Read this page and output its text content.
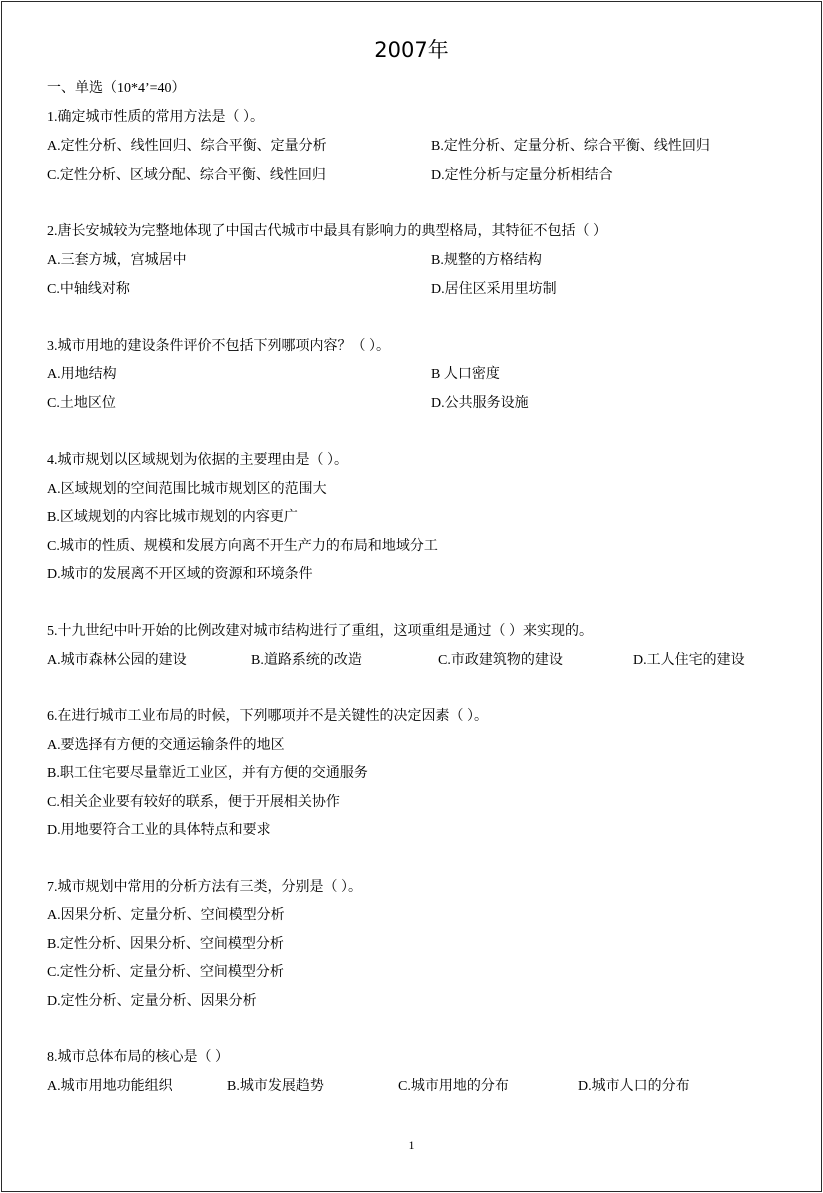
2007年
一、单选（10*4’=40）
1.确定城市性质的常用方法是（ ）。
A.定性分析、线性回归、综合平衡、定量分析	B.定性分析、定量分析、综合平衡、线性回归
C.定性分析、区域分配、综合平衡、线性回归	D.定性分析与定量分析相结合
2.唐长安城较为完整地体现了中国古代城市中最具有影响力的典型格局，其特征不包括（ ）
A.三套方城，宫城居中	B.规整的方格结构
C.中轴线对称	D.居住区采用里坊制
3.城市用地的建设条件评价不包括下列哪项内容？（ ）。
A.用地结构	B 人口密度
C.土地区位	D.公共服务设施
4.城市规划以区域规划为依据的主要理由是（ ）。
A.区域规划的空间范围比城市规划区的范围大
B.区域规划的内容比城市规划的内容更广
C.城市的性质、规模和发展方向离不开生产力的布局和地域分工
D.城市的发展离不开区域的资源和环境条件
5.十九世纪中叶开始的比例改建对城市结构进行了重组，这项重组是通过（ ）来实现的。
A.城市森林公园的建设	B.道路系统的改造	C.市政建筑物的建设	D.工人住宅的建设
6.在进行城市工业布局的时候，下列哪项并不是关键性的决定因素（ ）。
A.要选择有方便的交通运输条件的地区
B.职工住宅要尽量靠近工业区，并有方便的交通服务
C.相关企业要有较好的联系，便于开展相关协作
D.用地要符合工业的具体特点和要求
7.城市规划中常用的分析方法有三类，分别是（ ）。
A.因果分析、定量分析、空间模型分析
B.定性分析、因果分析、空间模型分析
C.定性分析、定量分析、空间模型分析
D.定性分析、定量分析、因果分析
8.城市总体布局的核心是（ ）
A.城市用地功能组织	B.城市发展趋势	C.城市用地的分布	D.城市人口的分布
1
